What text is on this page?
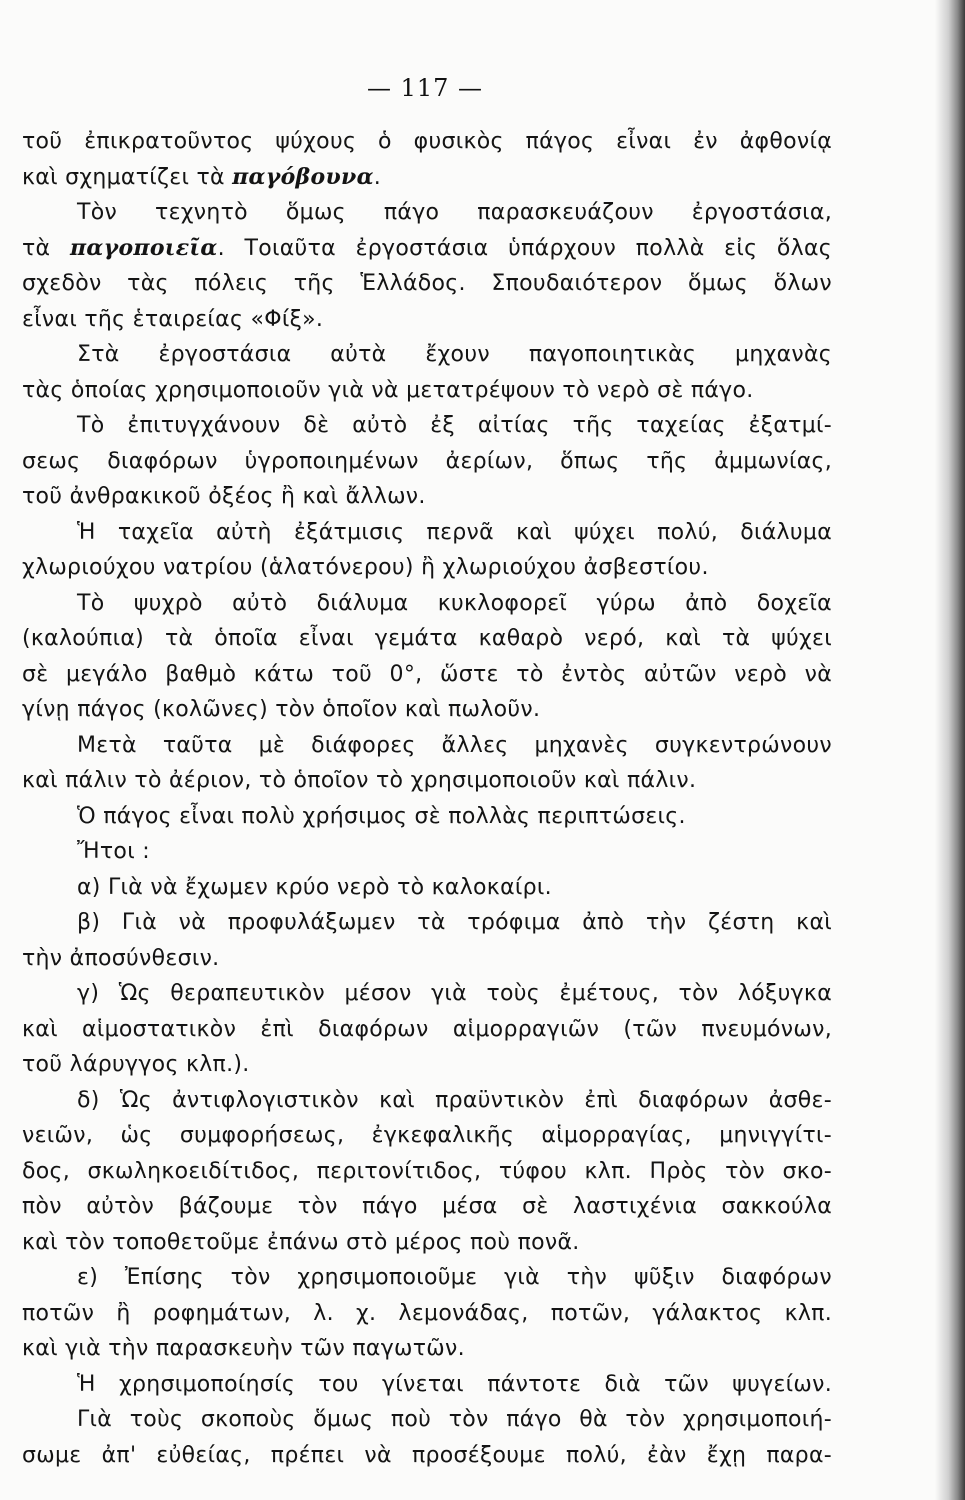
— 117 —
τοῦ ἐπικρατοῦντος ψύχους ὁ φυσικὸς πάγος εἶναι ἐν ἀφθονίᾳ
καὶ σχηματίζει τὰ παγόβουνα.
Τὸν τεχνητὸ ὅμως πάγο παρασκευάζουν ἐργοστάσια,
τὰ παγοποιεῖα. Τοιαῦτα ἐργοστάσια ὑπάρχουν πολλὰ εἰς ὅλας
σχεδὸν τὰς πόλεις τῆς Ἑλλάδος. Σπουδαιότερον ὅμως ὅλων
εἶναι τῆς ἑταιρείας «Φίξ».
Στὰ ἐργοστάσια αὐτὰ ἔχουν παγοποιητικὰς μηχανὰς
τὰς ὁποίας χρησιμοποιοῦν γιὰ νὰ μετατρέψουν τὸ νερὸ σὲ πάγο.
Τὸ ἐπιτυγχάνουν δὲ αὐτὸ ἐξ αἰτίας τῆς ταχείας ἐξατμί-
σεως διαφόρων ὑγροποιημένων ἀερίων, ὅπως τῆς ἀμμωνίας,
τοῦ ἀνθρακικοῦ ὀξέος ἢ καὶ ἄλλων.
Ἡ ταχεῖα αὐτὴ ἐξάτμισις περνᾶ καὶ ψύχει πολύ, διάλυμα
χλωριούχου νατρίου (ἁλατόνερου) ἢ χλωριούχου ἀσβεστίου.
Τὸ ψυχρὸ αὐτὸ διάλυμα κυκλοφορεῖ γύρω ἀπὸ δοχεῖα
(καλούπια) τὰ ὁποῖα εἶναι γεμάτα καθαρὸ νερό, καὶ τὰ ψύχει
σὲ μεγάλο βαθμὸ κάτω τοῦ 0°, ὥστε τὸ ἐντὸς αὐτῶν νερὸ νὰ
γίνῃ πάγος (κολῶνες) τὸν ὁποῖον καὶ πωλοῦν.
Μετὰ ταῦτα μὲ διάφορες ἄλλες μηχανὲς συγκεντρώνουν
καὶ πάλιν τὸ ἀέριον, τὸ ὁποῖον τὸ χρησιμοποιοῦν καὶ πάλιν.
Ὁ πάγος εἶναι πολὺ χρήσιμος σὲ πολλὰς περιπτώσεις.
Ἤτοι :
α) Γιὰ νὰ ἔχωμεν κρύο νερὸ τὸ καλοκαίρι.
β) Γιὰ νὰ προφυλάξωμεν τὰ τρόφιμα ἀπὸ τὴν ζέστη καὶ
τὴν ἀποσύνθεσιν.
γ) Ὡς θεραπευτικὸν μέσον γιὰ τοὺς ἐμέτους, τὸν λόξυγκα
καὶ αἱμοστατικὸν ἐπὶ διαφόρων αἱμορραγιῶν (τῶν πνευμόνων,
τοῦ λάρυγγος κλπ.).
δ) Ὡς ἀντιφλογιστικὸν καὶ πραϋντικὸν ἐπὶ διαφόρων ἀσθε-
νειῶν, ὡς συμφορήσεως, ἐγκεφαλικῆς αἱμορραγίας, μηνιγγίτι-
δος, σκωληκοειδίτιδος, περιτονίτιδος, τύφου κλπ. Πρὸς τὸν σκο-
πὸν αὐτὸν βάζουμε τὸν πάγο μέσα σὲ λαστιχένια σακκούλα
καὶ τὸν τοποθετοῦμε ἐπάνω στὸ μέρος ποὺ πονᾶ.
ε) Ἐπίσης τὸν χρησιμοποιοῦμε γιὰ τὴν ψῦξιν διαφόρων
ποτῶν ἢ ροφημάτων, λ. χ. λεμονάδας, ποτῶν, γάλακτος κλπ.
καὶ γιὰ τὴν παρασκευὴν τῶν παγωτῶν.
Ἡ χρησιμοποίησίς του γίνεται πάντοτε διὰ τῶν ψυγείων.
Γιὰ τοὺς σκοποὺς ὅμως ποὺ τὸν πάγο θὰ τὸν χρησιμοποιή-
σωμε ἀπ' εὐθείας, πρέπει νὰ προσέξουμε πολύ, ἐὰν ἔχῃ παρα-
